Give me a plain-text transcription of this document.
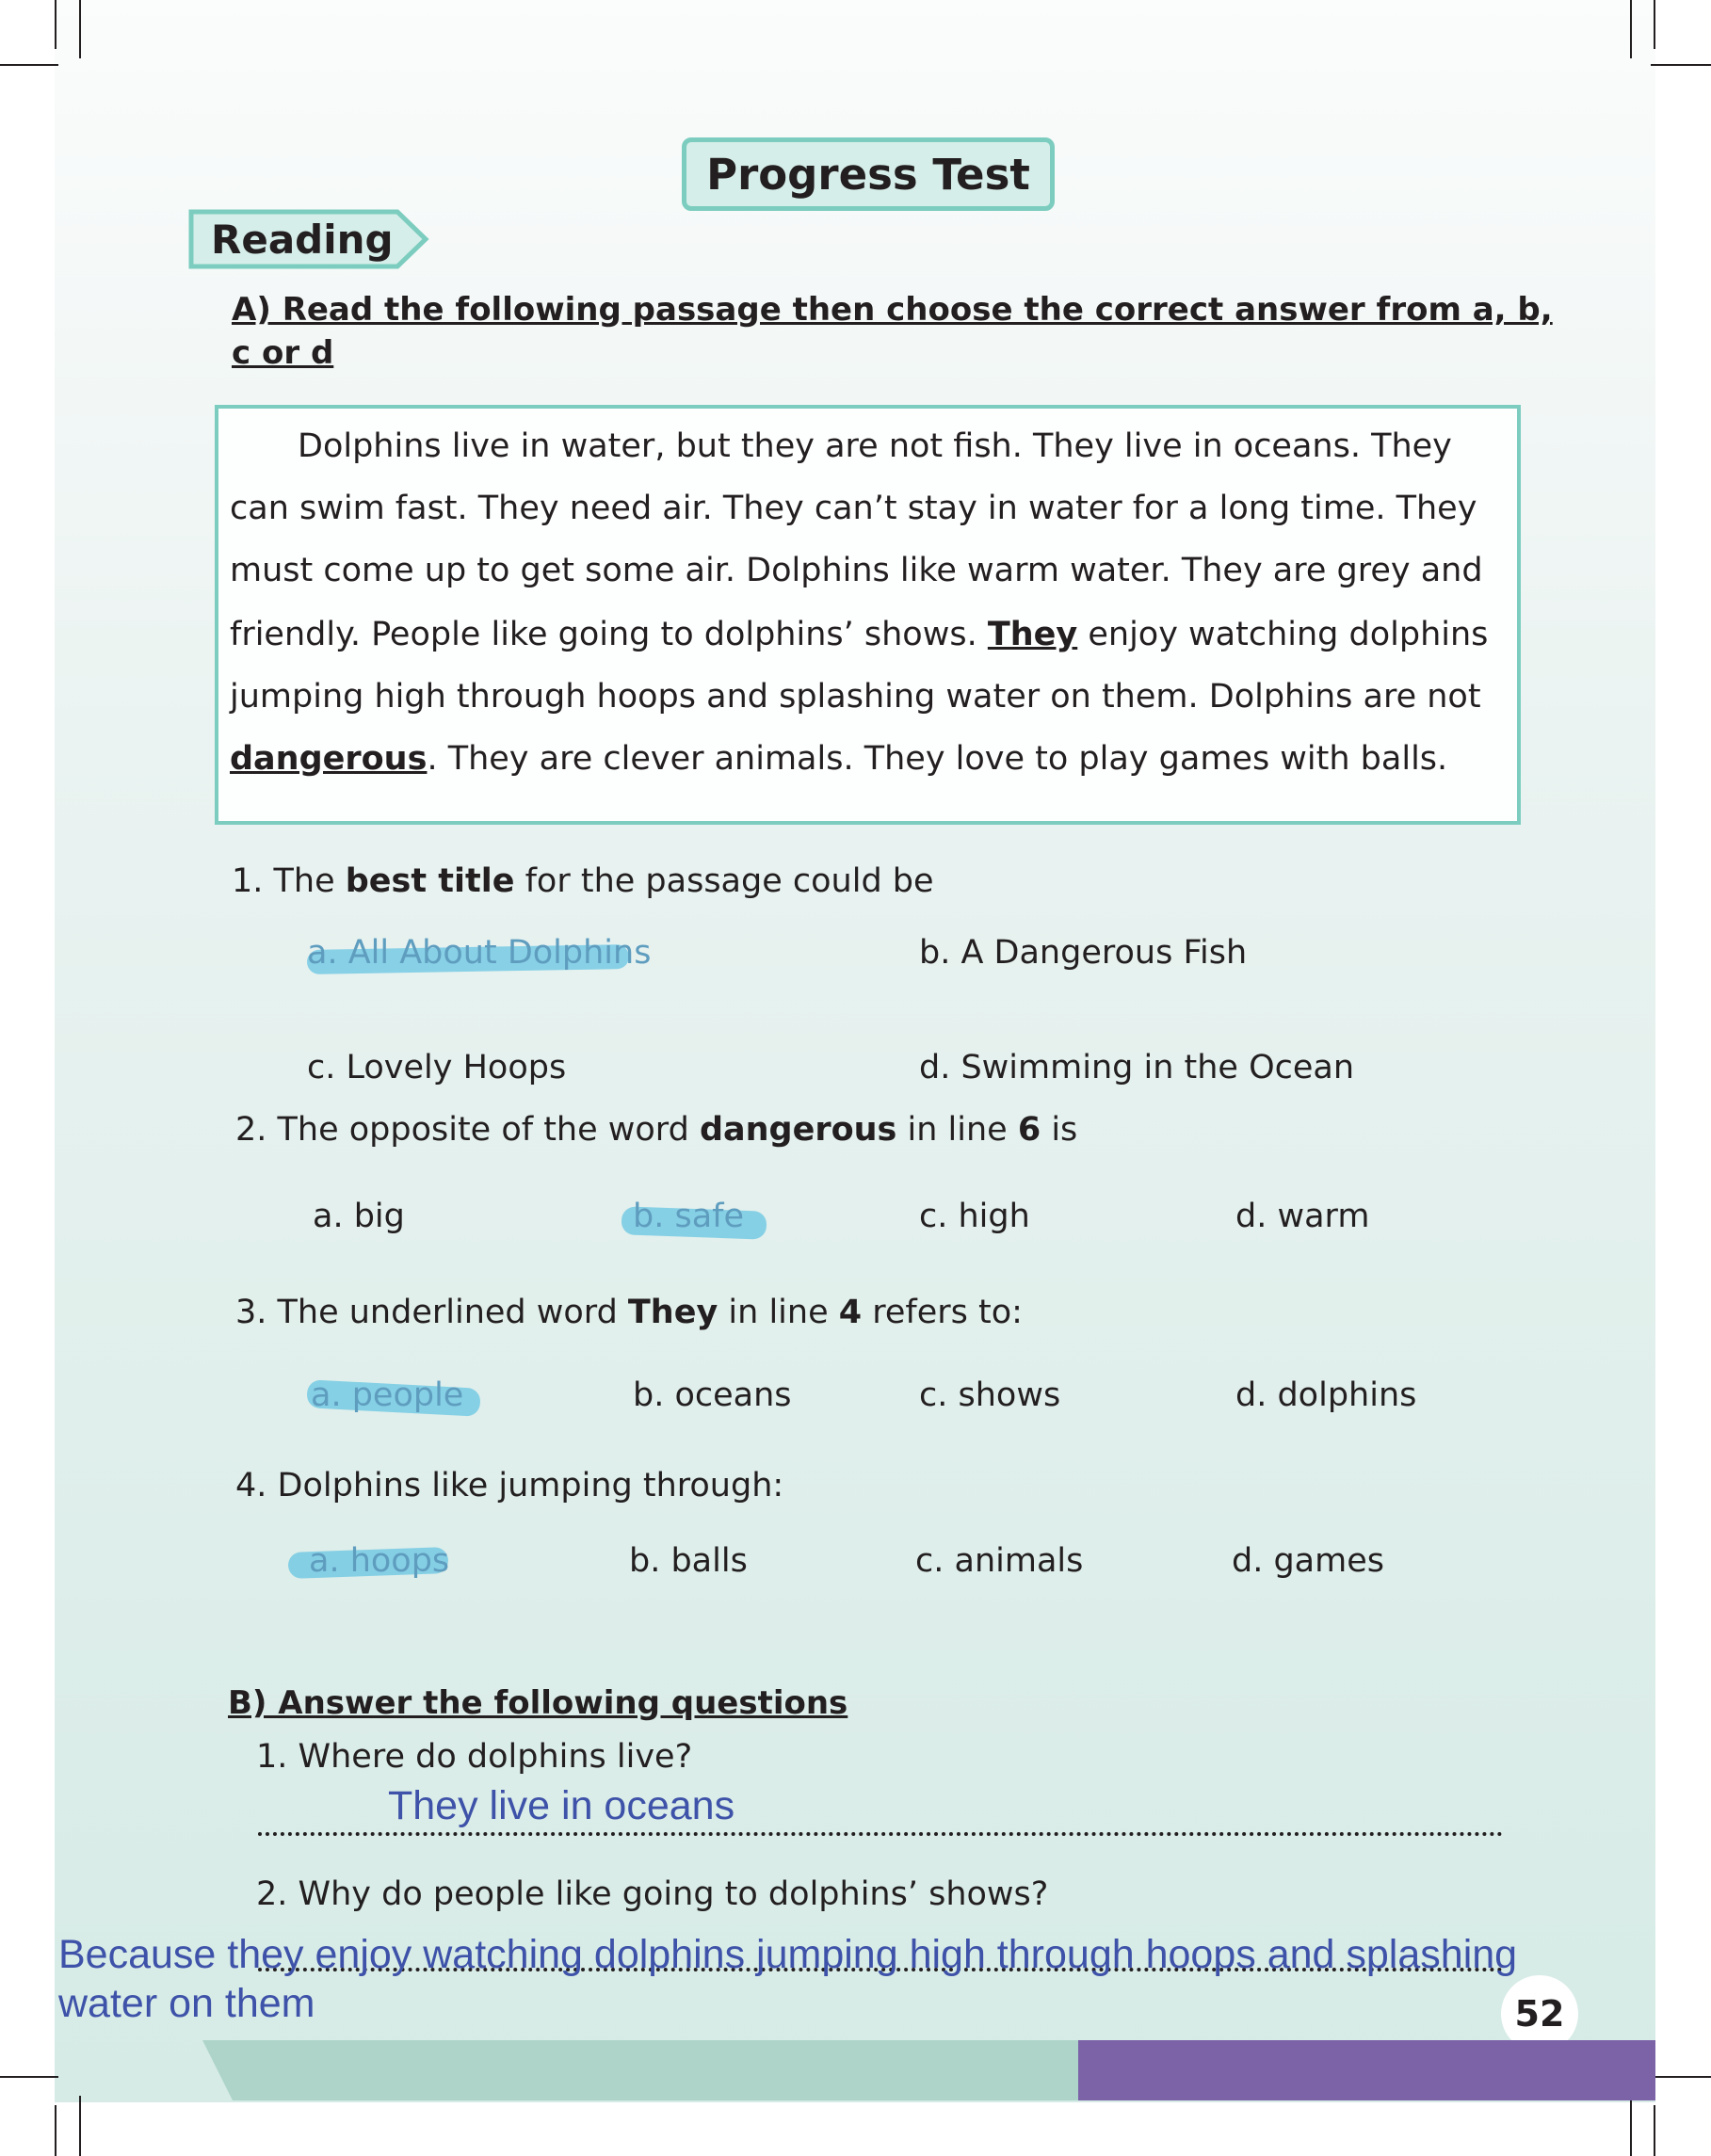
Progress Test
Reading
A) Read the following passage then choose the correct answer from a, b,
c or d
Dolphins live in water, but they are not fish. They live in oceans. They
can swim fast. They need air. They can’t stay in water for a long time. They
must come up to get some air. Dolphins like warm water. They are grey and
friendly. People like going to dolphins’ shows. They enjoy watching dolphins
jumping high through hoops and splashing water on them. Dolphins are not
dangerous. They are clever animals. They love to play games with balls.
1. The best title for the passage could be
a. All About Dolphins	b. A Dangerous Fish
c. Lovely Hoops	d. Swimming in the Ocean
2. The opposite of the word dangerous in line 6 is
a. big	b. safe	c. high	d. warm
3. The underlined word They in line 4 refers to:
a. people	b. oceans	c. shows	d. dolphins
4. Dolphins like jumping through:
a. hoops	b. balls	c. animals	d. games
B) Answer the following questions
1. Where do dolphins live?
They live in oceans
2. Why do people like going to dolphins’ shows?
Because they enjoy watching dolphins jumping high through hoops and splashing
water on them	52
